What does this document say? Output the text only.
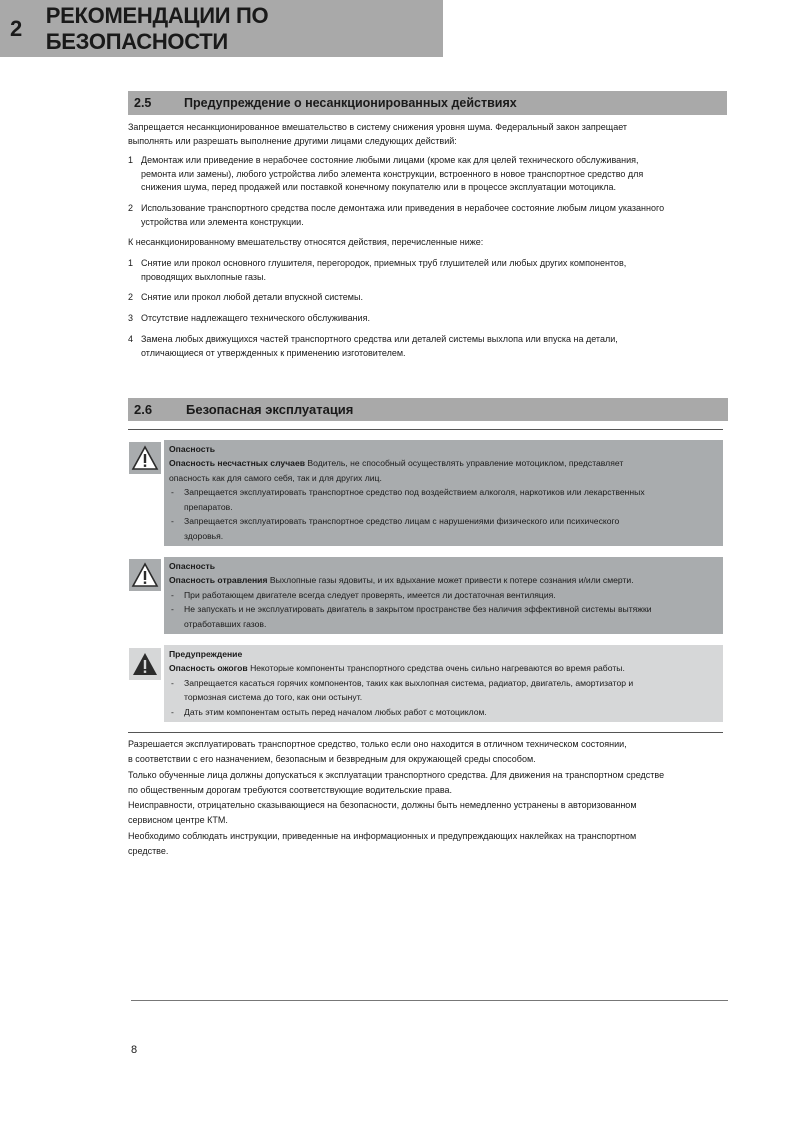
2
РЕКОМЕНДАЦИИ ПО БЕЗОПАСНОСТИ
2.5	Предупреждение о несанкционированных действиях
Запрещается несанкционированное вмешательство в систему снижения уровня шума. Федеральный закон запрещает
выполнять или разрешать выполнение другими лицами следующих действий:
1 Демонтаж или приведение в нерабочее состояние любыми лицами (кроме как для целей технического обслуживания,
ремонта или замены), любого устройства либо элемента конструкции, встроенного в новое транспортное средство для
снижения шума, перед продажей или поставкой конечному покупателю или в процессе эксплуатации мотоцикла.
2 Использование транспортного средства после демонтажа или приведения в нерабочее состояние любым лицом указанного
устройства или элемента конструкции.
К несанкционированному вмешательству относятся действия, перечисленные ниже:
1 Снятие или прокол основного глушителя, перегородок, приемных труб глушителей или любых других компонентов,
проводящих выхлопные газы.
2 Снятие или прокол любой детали впускной системы.
3 Отсутствие надлежащего технического обслуживания.
4 Замена любых движущихся частей транспортного средства или деталей системы выхлопа или впуска на детали,
отличающиеся от утвержденных к применению изготовителем.
2.6	Безопасная эксплуатация
Опасность
Опасность несчастных случаев Водитель, не способный осуществлять управление мотоциклом, представляет
опасность как для самого себя, так и для других лиц.
-	Запрещается эксплуатировать транспортное средство под воздействием алкоголя, наркотиков или лекарственных
препаратов.
-	Запрещается эксплуатировать транспортное средство лицам с нарушениями физического или психического
здоровья.
Опасность
Опасность отравления Выхлопные газы ядовиты, и их вдыхание может привести к потере сознания и/или смерти.
-	При работающем двигателе всегда следует проверять, имеется ли достаточная вентиляция.
-	Не запускать и не эксплуатировать двигатель в закрытом пространстве без наличия эффективной системы вытяжки
отработавших газов.
Предупреждение
Опасность ожогов Некоторые компоненты транспортного средства очень сильно нагреваются во время работы.
-	Запрещается касаться горячих компонентов, таких как выхлопная система, радиатор, двигатель, амортизатор и
тормозная система до того, как они остынут.
-	Дать этим компонентам остыть перед началом любых работ с мотоциклом.
Разрешается эксплуатировать транспортное средство, только если оно находится в отличном техническом состоянии,
в соответствии с его назначением, безопасным и безвредным для окружающей среды способом.
Только обученные лица должны допускаться к эксплуатации транспортного средства. Для движения на транспортном средстве
по общественным дорогам требуются соответствующие водительские права.
Неисправности, отрицательно сказывающиеся на безопасности, должны быть немедленно устранены в авторизованном
сервисном центре КТМ.
Необходимо соблюдать инструкции, приведенные на информационных и предупреждающих наклейках на транспортном
средстве.
8
